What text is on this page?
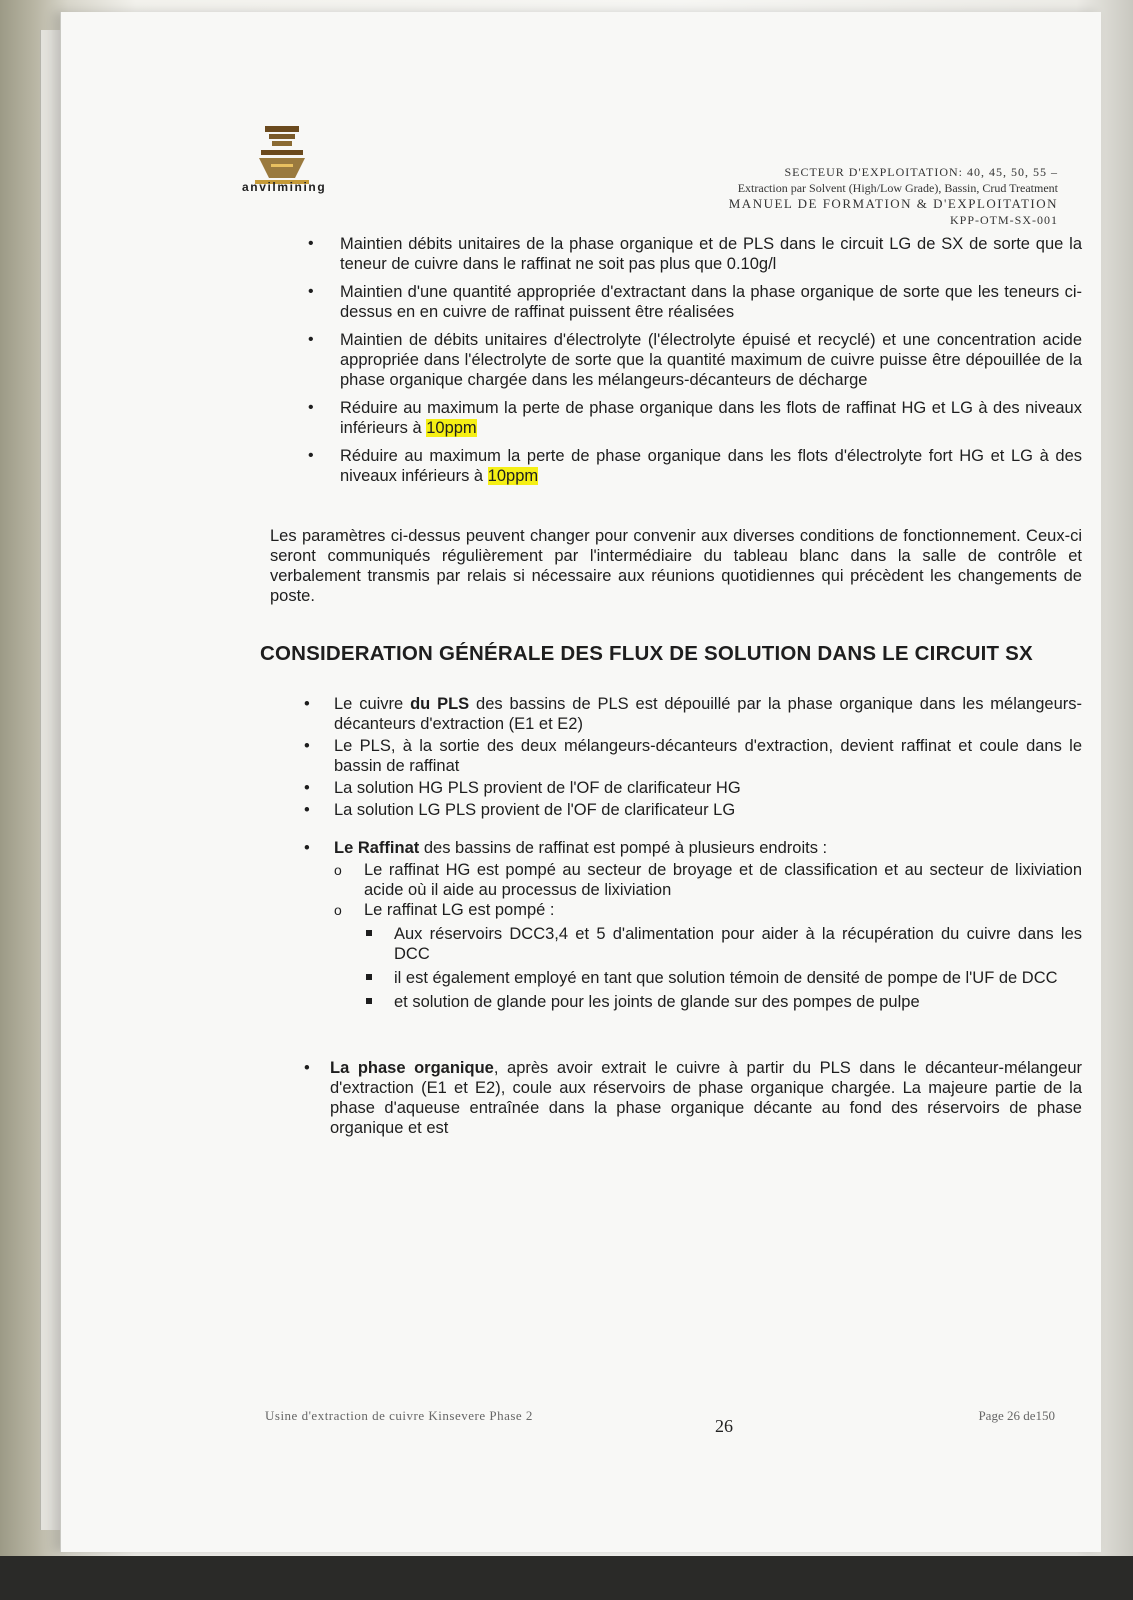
anvilmining
SECTEUR D'EXPLOITATION: 40, 45, 50, 55 –
Extraction par Solvent (High/Low Grade), Bassin, Crud Treatment
MANUEL DE FORMATION & D'EXPLOITATION
KPP-OTM-SX-001
• Maintien débits unitaires de la phase organique et de PLS dans le circuit LG de SX de sorte que la teneur de cuivre dans le raffinat ne soit pas plus que 0.10g/l
• Maintien d'une quantité appropriée d'extractant dans la phase organique de sorte que les teneurs ci-dessus en en cuivre de raffinat puissent être réalisées
• Maintien de débits unitaires d'électrolyte (l'électrolyte épuisé et recyclé) et une concentration acide appropriée dans l'électrolyte de sorte que la quantité maximum de cuivre puisse être dépouillée de la phase organique chargée dans les mélangeurs-décanteurs de décharge
• Réduire au maximum la perte de phase organique dans les flots de raffinat HG et LG à des niveaux inférieurs à 10ppm
• Réduire au maximum la perte de phase organique dans les flots d'électrolyte fort HG et LG à des niveaux inférieurs à 10ppm

Les paramètres ci-dessus peuvent changer pour convenir aux diverses conditions de fonctionnement. Ceux-ci seront communiqués régulièrement par l'intermédiaire du tableau blanc dans la salle de contrôle et verbalement transmis par relais si nécessaire aux réunions quotidiennes qui précèdent les changements de poste.

CONSIDERATION GÉNÉRALE DES FLUX DE SOLUTION DANS LE CIRCUIT SX
• Le cuivre du PLS des bassins de PLS est dépouillé par la phase organique dans les mélangeurs-décanteurs d'extraction (E1 et E2)
• Le PLS, à la sortie des deux mélangeurs-décanteurs d'extraction, devient raffinat et coule dans le bassin de raffinat
• La solution HG PLS provient de l'OF de clarificateur HG
• La solution LG PLS provient de l'OF de clarificateur LG
• Le Raffinat des bassins de raffinat est pompé à plusieurs endroits :
o Le raffinat HG est pompé au secteur de broyage et de classification et au secteur de lixiviation acide où il aide au processus de lixiviation
o Le raffinat LG est pompé :
Aux réservoirs DCC3,4 et 5 d'alimentation pour aider à la récupération du cuivre dans les DCC
il est également employé en tant que solution témoin de densité de pompe de l'UF de DCC
et solution de glande pour les joints de glande sur des pompes de pulpe
• La phase organique, après avoir extrait le cuivre à partir du PLS dans le décanteur-mélangeur d'extraction (E1 et E2), coule aux réservoirs de phase organique chargée. La majeure partie de la phase d'aqueuse entraînée dans la phase organique décante au fond des réservoirs de phase organique et est
Usine d'extraction de cuivre Kinsevere Phase 2
26
Page 26 de150
